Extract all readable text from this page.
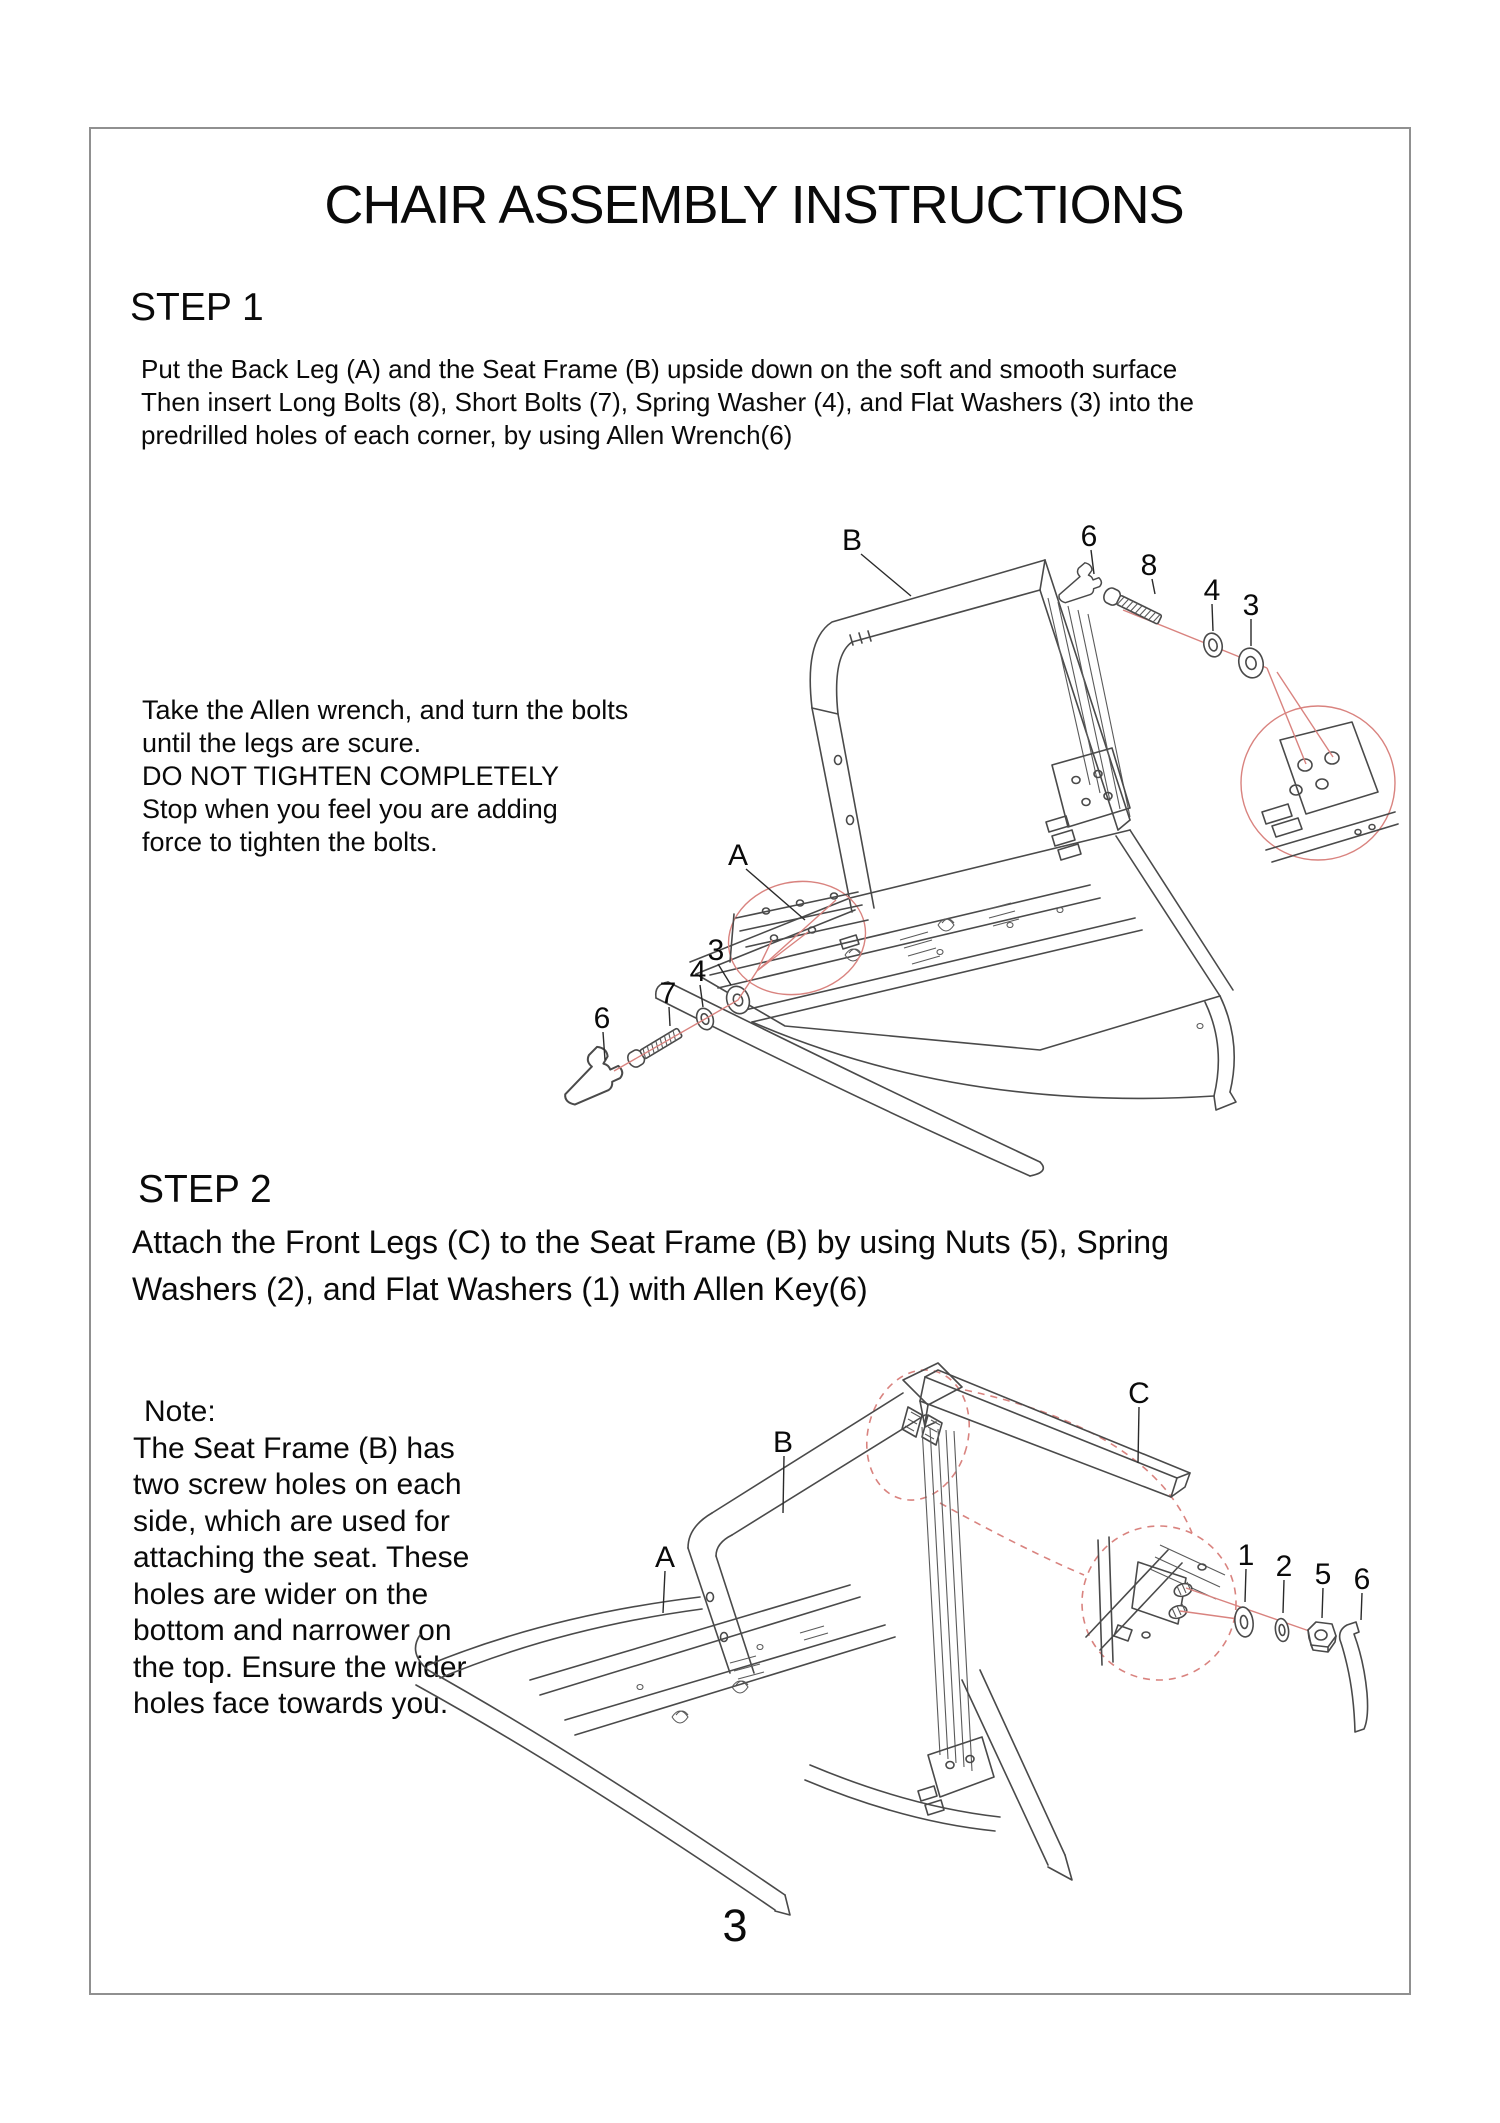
CHAIR ASSEMBLY INSTRUCTIONS
STEP 1
Put the Back Leg (A) and the Seat Frame (B) upside down on the soft and smooth surface
Then insert Long Bolts (8), Short Bolts (7), Spring Washer (4), and Flat Washers (3) into the
predrilled holes of each corner, by using Allen Wrench(6)
Take the Allen wrench, and turn the bolts
until the legs are scure.
DO NOT TIGHTEN COMPLETELY
Stop when you feel you are adding
force to tighten the bolts.
B
A
6
8
4 3
3
4
7
6
STEP 2
Attach the Front Legs (C) to the Seat Frame (B) by using Nuts (5), Spring
Washers (2), and Flat Washers (1) with Allen Key(6)
Note:
The Seat Frame (B) has
two screw holes on each
side, which are used for
attaching the seat. These
holes are wider on the
bottom and narrower on
the top. Ensure the wider
holes face towards you.
B
C
A	1 2 5 6
3
